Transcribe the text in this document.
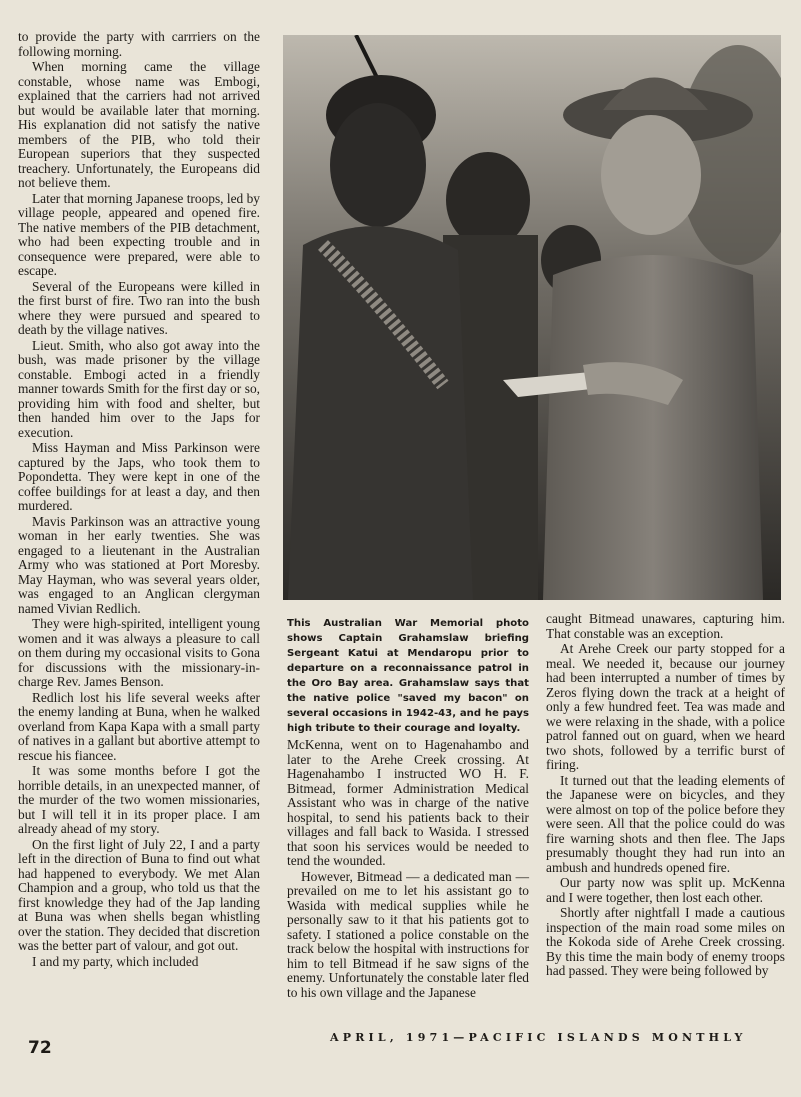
to provide the party with carrriers on the following morning.

When morning came the village constable, whose name was Embogi, explained that the carriers had not arrived but would be available later that morning. His explanation did not satisfy the native members of the PIB, who told their European superiors that they suspected treachery. Unfortunately, the Europeans did not believe them.

Later that morning Japanese troops, led by village people, appeared and opened fire. The native members of the PIB detachment, who had been expecting trouble and in consequence were prepared, were able to escape.

Several of the Europeans were killed in the first burst of fire. Two ran into the bush where they were pursued and speared to death by the village natives.

Lieut. Smith, who also got away into the bush, was made prisoner by the village constable. Embogi acted in a friendly manner towards Smith for the first day or so, providing him with food and shelter, but then handed him over to the Japs for execution.

Miss Hayman and Miss Parkinson were captured by the Japs, who took them to Popondetta. They were kept in one of the coffee buildings for at least a day, and then murdered.

Mavis Parkinson was an attractive young woman in her early twenties. She was engaged to a lieutenant in the Australian Army who was stationed at Port Moresby. May Hayman, who was several years older, was engaged to an Anglican clergyman named Vivian Redlich.

They were high-spirited, intelligent young women and it was always a pleasure to call on them during my occasional visits to Gona for discussions with the missionary-in-charge Rev. James Benson.

Redlich lost his life several weeks after the enemy landing at Buna, when he walked overland from Kapa Kapa with a small party of natives in a gallant but abortive attempt to rescue his fiancee.

It was some months before I got the horrible details, in an unexpected manner, of the murder of the two women missionaries, but I will tell it in its proper place. I am already ahead of my story.

On the first light of July 22, I and a party left in the direction of Buna to find out what had happened to everybody. We met Alan Champion and a group, who told us that the first knowledge they had of the Jap landing at Buna was when shells began whistling over the station. They decided that discretion was the better part of valour, and got out.

I and my party, which included

This Australian War Memorial photo shows Captain Grahamslaw briefing Sergeant Katui at Mendaropu prior to departure on a reconnaissance patrol in the Oro Bay area. Grahamslaw says that the native police "saved my bacon" on several occasions in 1942-43, and he pays high tribute to their courage and loyalty.

McKenna, went on to Hagenahambo and later to the Arehe Creek crossing. At Hagenahambo I instructed WO H. F. Bitmead, former Administration Medical Assistant who was in charge of the native hospital, to send his patients back to their villages and fall back to Wasida. I stressed that soon his services would be needed to tend the wounded.

However, Bitmead — a dedicated man — prevailed on me to let his assistant go to Wasida with medical supplies while he personally saw to it that his patients got to safety. I stationed a police constable on the track below the hospital with instructions for him to tell Bitmead if he saw signs of the enemy. Unfortunately the constable later fled to his own village and the Japanese

caught Bitmead unawares, capturing him. That constable was an exception.

At Arehe Creek our party stopped for a meal. We needed it, because our journey had been interrupted a number of times by Zeros flying down the track at a height of only a few hundred feet. Tea was made and we were relaxing in the shade, with a police patrol fanned out on guard, when we heard two shots, followed by a terrific burst of firing.

It turned out that the leading elements of the Japanese were on bicycles, and they were almost on top of the police before they were seen. All that the police could do was fire warning shots and then flee. The Japs presumably thought they had run into an ambush and hundreds opened fire.

Our party now was split up. McKenna and I were together, then lost each other.

Shortly after nightfall I made a cautious inspection of the main road some miles on the Kokoda side of Arehe Creek crossing. By this time the main body of enemy troops had passed. They were being followed by

72
APRIL, 1971—PACIFIC ISLANDS MONTHLY
